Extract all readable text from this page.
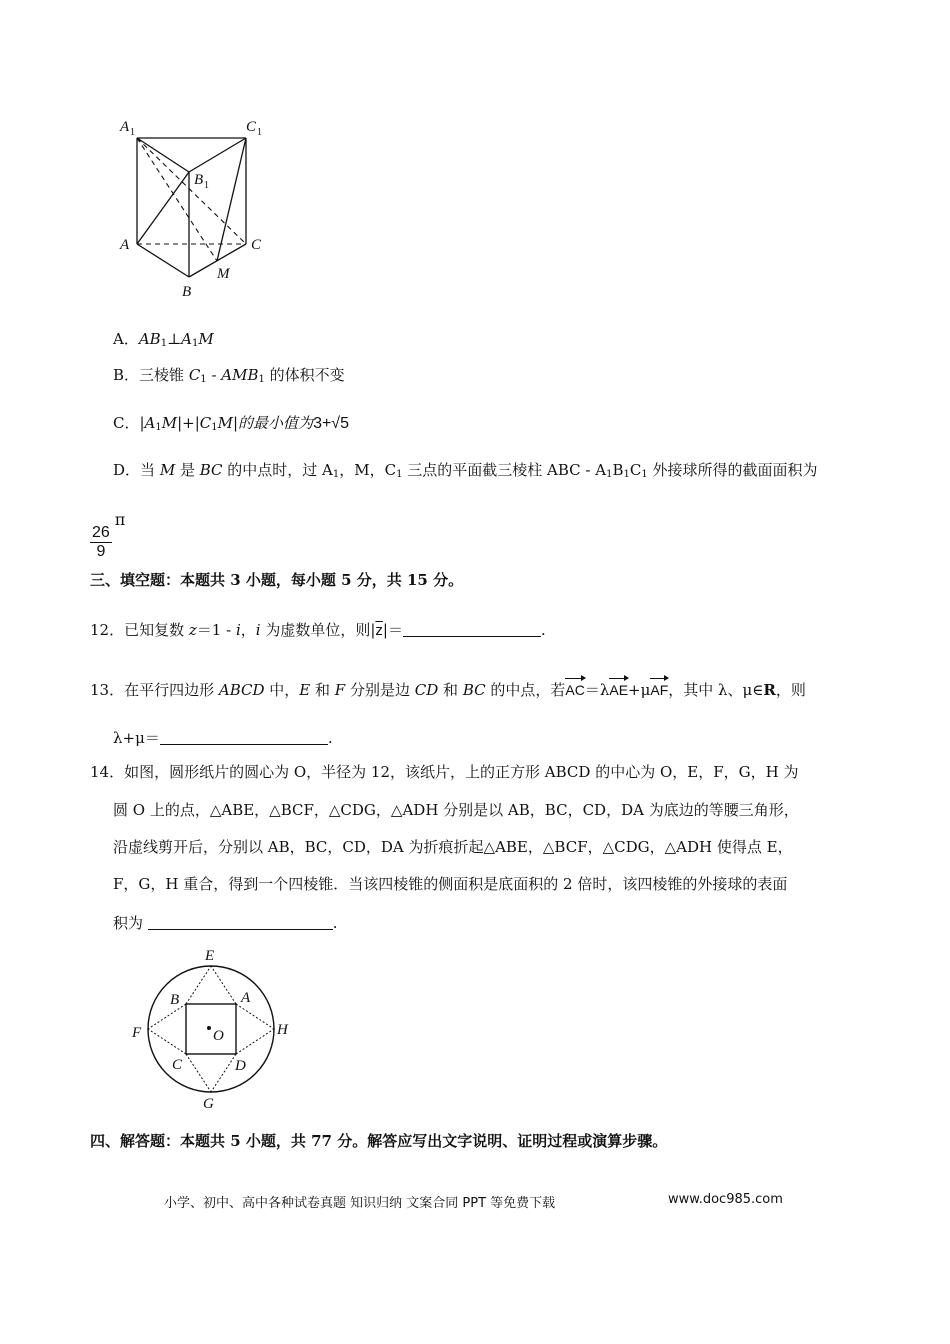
A 1	C 1
B 1
A	C
M
B
A．$AB_1\perp A_1M$
B．三棱锥 $C_1 - AMB_1$ 的体积不变
C．$|A_1M|+|C_1M|$的最小值为3+√5
D．当 M 是 BC 的中点时，过 $A_1$，M，$C_1$ 三点的平面截三棱柱 ABC - $A_1B_1C_1$ 外接球所得的截面面积为
$\frac{26}{9}$
π
三、填空题：本题共 3 小题，每小题 5 分，共 15 分。
12．已知复数 z＝1 - i，i 为虚数单位，则$|\overline{z}|=$	.
13．在平行四边形 ABCD 中，E 和 F 分别是边 CD 和 BC 的中点，若AC＝λAE+μAF，其中 λ、μ∈R，则
λ+μ＝	.
14．如图，圆形纸片的圆心为 O，半径为 12，该纸片，上的正方形 ABCD 的中心为 O，E，F，G，H 为
圆 O 上的点，△ABE，△BCF，△CDG，△ADH 分别是以 AB，BC，CD，DA 为底边的等腰三角形，
沿虚线剪开后，分别以 AB，BC，CD，DA 为折痕折起△ABE，△BCF，△CDG，△ADH 使得点 E，
F，G，H 重合，得到一个四棱锥．当该四棱锥的侧面积是底面积的 2 倍时，该四棱锥的外接球的表面
积为	.
E
B	A
F	O	H
C	D
G
四、解答题：本题共 5 小题，共 77 分。解答应写出文字说明、证明过程或演算步骤。
小学、初中、高中各种试卷真题 知识归纳 文案合同 PPT 等免费下载	www.doc985.com
